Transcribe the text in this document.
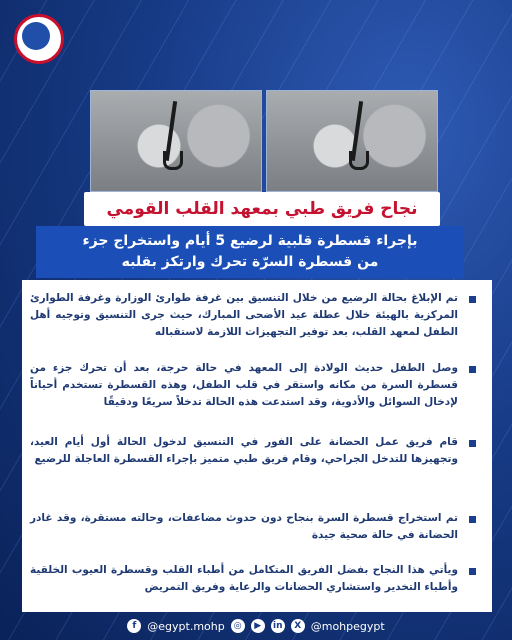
نجاح فريق طبي بمعهد القلب القومي
بإجراء قسطرة قلبية لرضيع 5 أيام واستخراج جزء
من قسطرة السرّة تحرك وارتكز بقلبه
تم الإبلاغ بحالة الرضيع من خلال التنسيق بين غرفة طوارئ الوزارة وغرفة الطوارئ المركزية بالهيئة خلال عطلة عيد الأضحى المبارك، حيث جرى التنسيق وتوجيه أهل الطفل لمعهد القلب، بعد توفير التجهيزات اللازمة لاستقباله
وصل الطفل حديث الولادة إلى المعهد في حالة حرجة، بعد أن تحرك جزء من قسطرة السرة من مكانه واستقر في قلب الطفل، وهذه القسطرة تستخدم أحياناً لإدخال السوائل والأدوية، وقد استدعت هذه الحالة تدخلاً سريعًا ودقيقًا
قام فريق عمل الحضانة على الفور في التنسيق لدخول الحالة أول أيام العيد، وتجهيزها للتدخل الجراحي، وقام فريق طبي متميز بإجراء القسطرة العاجلة للرضيع
تم استخراج قسطرة السرة بنجاح دون حدوث مضاعفات، وحالته مستقرة، وقد غادر الحضانة في حالة صحية جيدة
ويأتي هذا النجاح بفضل الفريق المتكامل من أطباء القلب وقسطرة العيوب الخلقية وأطباء التخدير واستشاري الحضانات والرعاية وفريق التمريض
f	@egypt.mohp	◎	▶	in	X @mohpegypt
